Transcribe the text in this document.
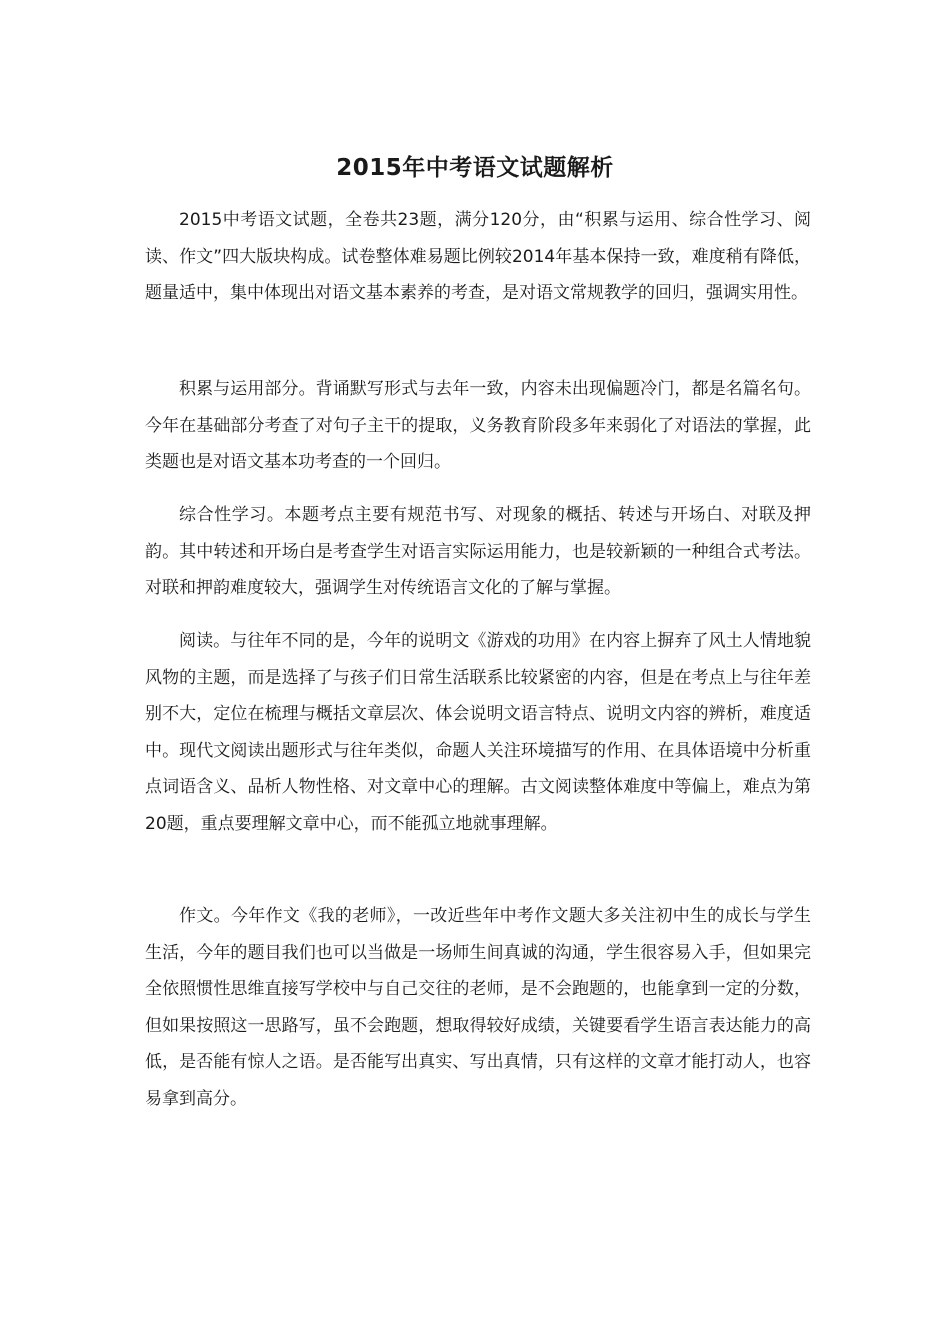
2015年中考语文试题解析

2015中考语文试题，全卷共23题，满分120分，由“积累与运用、综合性学习、阅读、作文”四大版块构成。试卷整体难易题比例较2014年基本保持一致，难度稍有降低，题量适中，集中体现出对语文基本素养的考查，是对语文常规教学的回归，强调实用性。

积累与运用部分。背诵默写形式与去年一致，内容未出现偏题冷门，都是名篇名句。今年在基础部分考查了对句子主干的提取，义务教育阶段多年来弱化了对语法的掌握，此类题也是对语文基本功考查的一个回归。

综合性学习。本题考点主要有规范书写、对现象的概括、转述与开场白、对联及押韵。其中转述和开场白是考查学生对语言实际运用能力，也是较新颖的一种组合式考法。对联和押韵难度较大，强调学生对传统语言文化的了解与掌握。

阅读。与往年不同的是，今年的说明文《游戏的功用》在内容上摒弃了风土人情地貌风物的主题，而是选择了与孩子们日常生活联系比较紧密的内容，但是在考点上与往年差别不大，定位在梳理与概括文章层次、体会说明文语言特点、说明文内容的辨析，难度适中。现代文阅读出题形式与往年类似，命题人关注环境描写的作用、在具体语境中分析重点词语含义、品析人物性格、对文章中心的理解。古文阅读整体难度中等偏上，难点为第20题，重点要理解文章中心，而不能孤立地就事理解。

作文。今年作文《我的老师》，一改近些年中考作文题大多关注初中生的成长与学生生活，今年的题目我们也可以当做是一场师生间真诚的沟通，学生很容易入手，但如果完全依照惯性思维直接写学校中与自己交往的老师，是不会跑题的，也能拿到一定的分数，但如果按照这一思路写，虽不会跑题，想取得较好成绩，关键要看学生语言表达能力的高低，是否能有惊人之语。是否能写出真实、写出真情，只有这样的文章才能打动人，也容易拿到高分。
